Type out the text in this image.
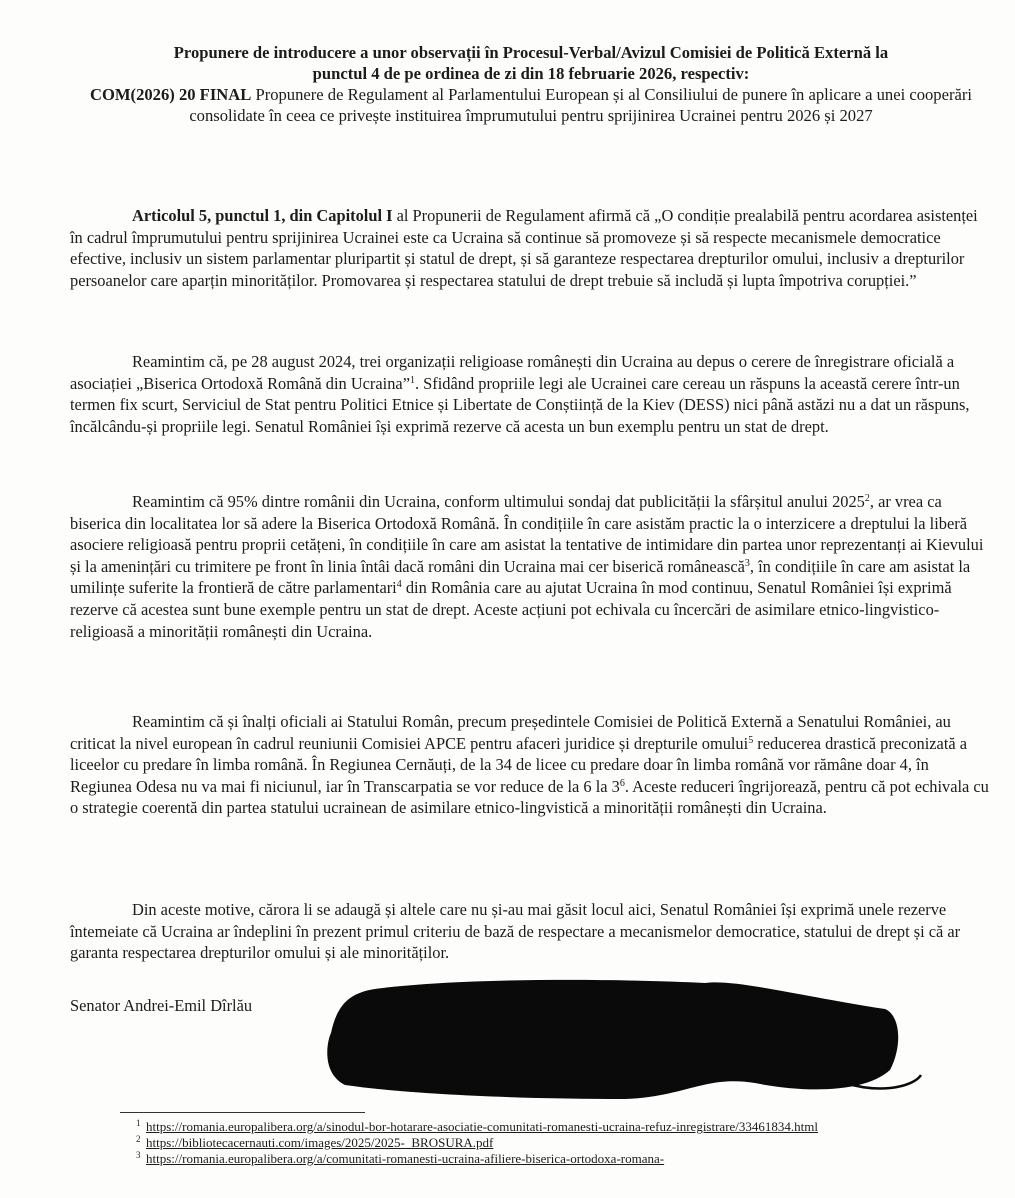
Propunere de introducere a unor observații în Procesul-Verbal/Avizul Comisiei de Politică Externă la
punctul 4 de pe ordinea de zi din 18 februarie 2026, respectiv:
COM(2026) 20 FINAL Propunere de Regulament al Parlamentului European și al Consiliului de punere în aplicare a unei cooperări consolidate în ceea ce privește instituirea împrumutului pentru sprijinirea Ucrainei pentru 2026 și 2027
Articolul 5, punctul 1, din Capitolul I al Propunerii de Regulament afirmă că „O condiție prealabilă pentru acordarea asistenței în cadrul împrumutului pentru sprijinirea Ucrainei este ca Ucraina să continue să promoveze și să respecte mecanismele democratice efective, inclusiv un sistem parlamentar pluripartit și statul de drept, și să garanteze respectarea drepturilor omului, inclusiv a drepturilor persoanelor care aparțin minorităților. Promovarea și respectarea statului de drept trebuie să includă și lupta împotriva corupției.”
Reamintim că, pe 28 august 2024, trei organizații religioase românești din Ucraina au depus o cerere de înregistrare oficială a asociației „Biserica Ortodoxă Română din Ucraina”$^1$. Sfidând propriile legi ale Ucrainei care cereau un răspuns la această cerere într-un termen fix scurt, Serviciul de Stat pentru Politici Etnice și Libertate de Conștiință de la Kiev (DESS) nici până astăzi nu a dat un răspuns, încălcându-și propriile legi. Senatul României își exprimă rezerve că acesta un bun exemplu pentru un stat de drept.
Reamintim că 95% dintre românii din Ucraina, conform ultimului sondaj dat publicității la sfârșitul anului 2025$^2$, ar vrea ca biserica din localitatea lor să adere la Biserica Ortodoxă Română. În condițiile în care asistăm practic la o interzicere a dreptului la liberă asociere religioasă pentru proprii cetățeni, în condițiile în care am asistat la tentative de intimidare din partea unor reprezentanți ai Kievului și la amenințări cu trimitere pe front în linia întâi dacă români din Ucraina mai cer biserică românească$^3$, în condițiile în care am asistat la umilințe suferite la frontieră de către parlamentari$^4$ din România care au ajutat Ucraina în mod continuu, Senatul României își exprimă rezerve că acestea sunt bune exemple pentru un stat de drept. Aceste acțiuni pot echivala cu încercări de asimilare etnico-lingvistico-religioasă a minorității românești din Ucraina.
Reamintim că și înalți oficiali ai Statului Român, precum președintele Comisiei de Politică Externă a Senatului României, au criticat la nivel european în cadrul reuniunii Comisiei APCE pentru afaceri juridice și drepturile omului$^5$ reducerea drastică preconizată a liceelor cu predare în limba română. În Regiunea Cernăuți, de la 34 de licee cu predare doar în limba română vor rămâne doar 4, în Regiunea Odesa nu va mai fi niciunul, iar în Transcarpatia se vor reduce de la 6 la $3^6$. Aceste reduceri îngrijorează, pentru că pot echivala cu o strategie coerentă din partea statului ucrainean de asimilare etnico-lingvistică a minorității românești din Ucraina.
Din aceste motive, cărora li se adaugă și altele care nu și-au mai găsit locul aici, Senatul României își exprimă unele rezerve întemeiate că Ucraina ar îndeplini în prezent primul criteriu de bază de respectare a mecanismelor democratice, statului de drept și că ar garanta respectarea drepturilor omului și ale minorităților.
Senator Andrei-Emil Dîrlău
1 https://romania.europalibera.org/a/sinodul-bor-hotarare-asociatie-comunitati-romanesti-ucraina-refuz-inregistrare/33461834.html
2 https://bibliotecacernauti.com/images/2025/2025-_BROSURA.pdf
3 https://romania.europalibera.org/a/comunitati-romanesti-ucraina-afiliere-biserica-ortodoxa-romana-
